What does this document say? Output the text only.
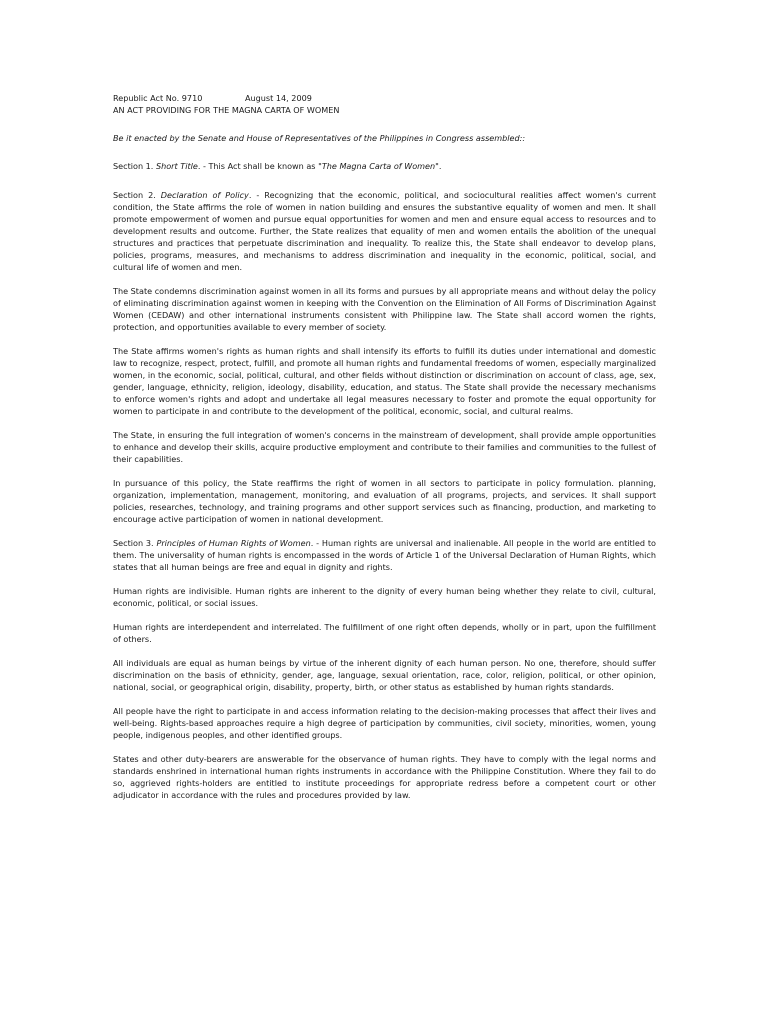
Republic Act No. 9710	August 14, 2009
AN ACT PROVIDING FOR THE MAGNA CARTA OF WOMEN
Be it enacted by the Senate and House of Representatives of the Philippines in Congress assembled::
Section 1. Short Title. - This Act shall be known as "The Magna Carta of Women".
Section 2. Declaration of Policy. - Recognizing that the economic, political, and sociocultural realities affect women's current condition, the State affirms the role of women in nation building and ensures the substantive equality of women and men. It shall promote empowerment of women and pursue equal opportunities for women and men and ensure equal access to resources and to development results and outcome. Further, the State realizes that equality of men and women entails the abolition of the unequal structures and practices that perpetuate discrimination and inequality. To realize this, the State shall endeavor to develop plans, policies, programs, measures, and mechanisms to address discrimination and inequality in the economic, political, social, and cultural life of women and men.
The State condemns discrimination against women in all its forms and pursues by all appropriate means and without delay the policy of eliminating discrimination against women in keeping with the Convention on the Elimination of All Forms of Discrimination Against Women (CEDAW) and other international instruments consistent with Philippine law. The State shall accord women the rights, protection, and opportunities available to every member of society.
The State affirms women's rights as human rights and shall intensify its efforts to fulfill its duties under international and domestic law to recognize, respect, protect, fulfill, and promote all human rights and fundamental freedoms of women, especially marginalized women, in the economic, social, political, cultural, and other fields without distinction or discrimination on account of class, age, sex, gender, language, ethnicity, religion, ideology, disability, education, and status. The State shall provide the necessary mechanisms to enforce women's rights and adopt and undertake all legal measures necessary to foster and promote the equal opportunity for women to participate in and contribute to the development of the political, economic, social, and cultural realms.
The State, in ensuring the full integration of women's concerns in the mainstream of development, shall provide ample opportunities to enhance and develop their skills, acquire productive employment and contribute to their families and communities to the fullest of their capabilities.
In pursuance of this policy, the State reaffirms the right of women in all sectors to participate in policy formulation. planning, organization, implementation, management, monitoring, and evaluation of all programs, projects, and services. It shall support policies, researches, technology, and training programs and other support services such as financing, production, and marketing to encourage active participation of women in national development.
Section 3. Principles of Human Rights of Women. - Human rights are universal and inalienable. All people in the world are entitled to them. The universality of human rights is encompassed in the words of Article 1 of the Universal Declaration of Human Rights, which states that all human beings are free and equal in dignity and rights.
Human rights are indivisible. Human rights are inherent to the dignity of every human being whether they relate to civil, cultural, economic, political, or social issues.
Human rights are interdependent and interrelated. The fulfillment of one right often depends, wholly or in part, upon the fulfillment of others.
All individuals are equal as human beings by virtue of the inherent dignity of each human person. No one, therefore, should suffer discrimination on the basis of ethnicity, gender, age, language, sexual orientation, race, color, religion, political, or other opinion, national, social, or geographical origin, disability, property, birth, or other status as established by human rights standards.
All people have the right to participate in and access information relating to the decision-making processes that affect their lives and well-being. Rights-based approaches require a high degree of participation by communities, civil society, minorities, women, young people, indigenous peoples, and other identified groups.
States and other duty-bearers are answerable for the observance of human rights. They have to comply with the legal norms and standards enshrined in international human rights instruments in accordance with the Philippine Constitution. Where they fail to do so, aggrieved rights-holders are entitled to institute proceedings for appropriate redress before a competent court or other adjudicator in accordance with the rules and procedures provided by law.
